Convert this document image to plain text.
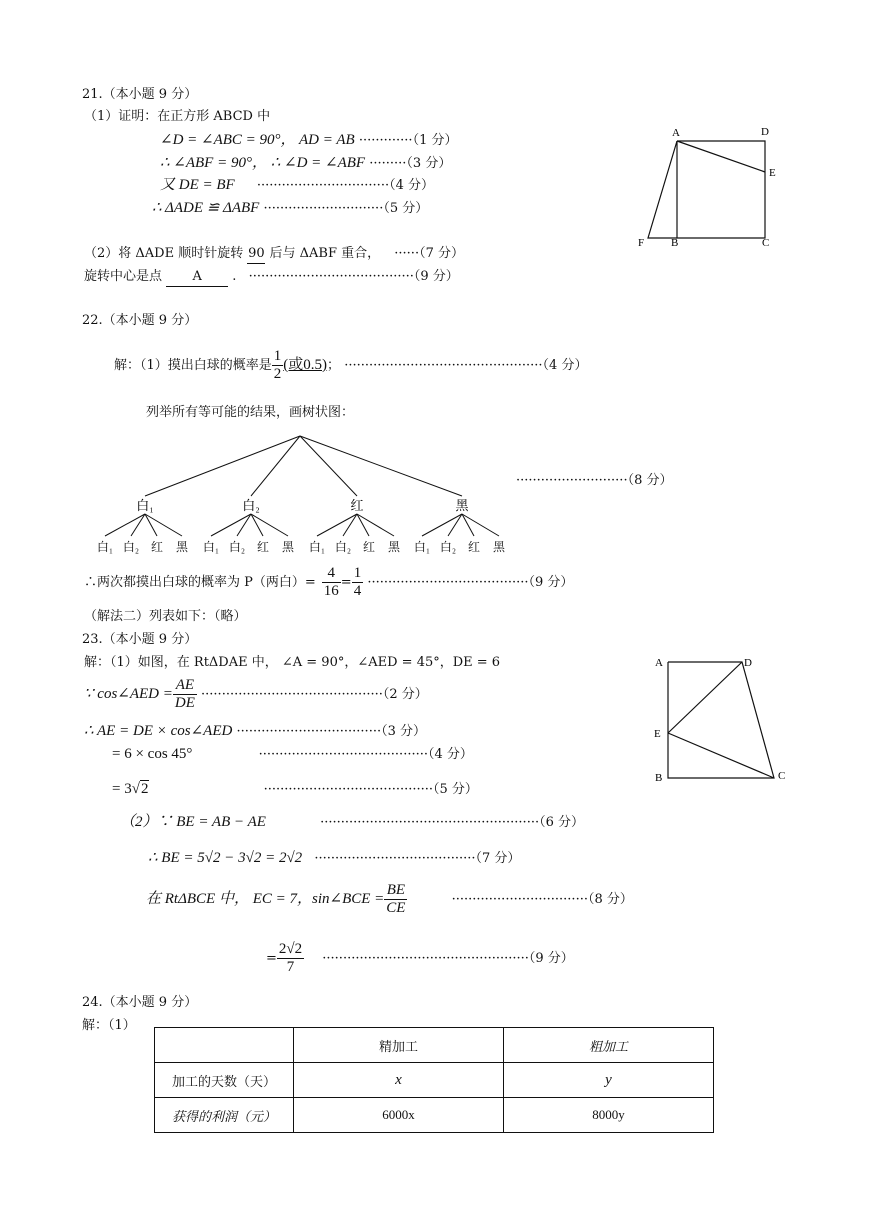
21.（本小题 9 分）
（1）证明：在正方形 ABCD 中
∠D = ∠ABC = 90°， AD = AB ·············（1 分）
∴ ∠ABF = 90°， ∴ ∠D = ∠ABF ·········（3 分）
又 DE = BF ································（4 分）
∴ ΔADE ≌ ΔABF ·····························（5 分）
（2）将 ΔADE 顺时针旋转 90 后与 ΔABF 重合， ······（7 分）
旋转中心是点 A . ········································（9 分）
A	D
E
F B	C
22.（本小题 9 分）
解：（1）摸出白球的概率是 $\frac{1}{2}$ (或0.5)； ················································（4 分）
列举所有等可能的结果，画树状图：
白₁	白₂	红	黑
白₁ 白₂ 红 黑 白₁ 白₂ 红 黑 白₁ 白₂ 红 黑 白₁ 白₂ 红 黑
···························（8 分）
∴两次都摸出白球的概率为 P（两白）= $\frac{4}{16} = \frac{1}{4} \cdot\cdot\cdot\cdot\cdot\cdot\cdot\cdot\cdot\cdot\cdot\cdot\cdot\cdot\cdot\cdot\cdot\cdot\cdot\cdot\cdot\cdot\cdot\cdot\cdot\cdot\cdot\cdot\cdot\cdot\cdot\cdot\cdot\cdot\cdot\cdot\cdot\cdot\cdot(9$ 分）
（解法二）列表如下：（略）
23.（本小题 9 分）
解：（1）如图，在 RtΔDAE 中， ∠A = 90°，∠AED = 45°，DE = 6
∵ cos∠AED = $\frac{AE}{DE} \cdot\cdot\cdot\cdot\cdot\cdot\cdot\cdot\cdot\cdot\cdot\cdot\cdot\cdot\cdot\cdot\cdot\cdot\cdot\cdot\cdot\cdot\cdot\cdot\cdot\cdot\cdot\cdot\cdot\cdot\cdot\cdot\cdot\cdot\cdot\cdot\cdot\cdot\cdot\cdot\cdot\cdot\cdot\cdot(2$ 分）
∴ AE = DE × cos∠AED ···································（3 分）
= 6 × cos 45°	·········································（4 分）
= 3√2	·········································（5 分）
（2）∵ BE = AB − AE	·····················································（6 分）
∴ BE = 5√2 − 3√2 = 2√2 ·······································（7 分）
在 RtΔBCE 中， EC = 7，sin∠BCE = $\frac{BE}{CE}$	·································（8 分）
= $\frac{2√2}{7} \cdot\cdot\cdot\cdot\cdot\cdot\cdot\cdot\cdot\cdot\cdot\cdot\cdot\cdot\cdot\cdot\cdot\cdot\cdot\cdot\cdot\cdot\cdot\cdot\cdot\cdot\cdot\cdot\cdot\cdot\cdot\cdot\cdot\cdot\cdot\cdot\cdot\cdot\cdot\cdot\cdot\cdot\cdot\cdot\cdot\cdot\cdot\cdot\cdot\cdot(9$ 分）
A	D
E
B	C
24.（本小题 9 分）
解：（1）
	精加工	粗加工
加工的天数（天）	x	y
获得的利润（元）	6000x	8000y
